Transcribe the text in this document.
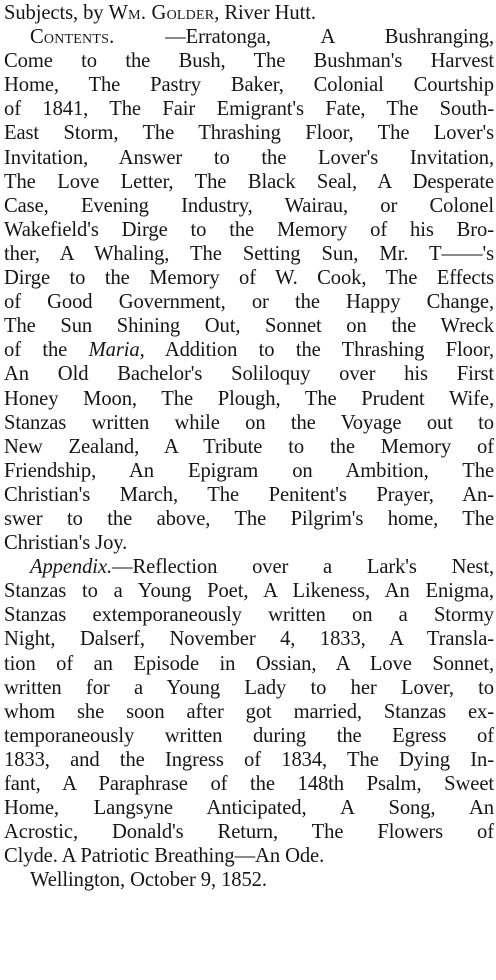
Subjects, by Wm. Golder, River Hutt.
Contents. —Erratonga, A Bushranging,
Come to the Bush, The Bushman's Harvest
Home, The Pastry Baker, Colonial Courtship
of 1841, The Fair Emigrant's Fate, The South-
East Storm, The Thrashing Floor, The Lover's
Invitation, Answer to the Lover's Invitation,
The Love Letter, The Black Seal, A Desperate
Case, Evening Industry, Wairau, or Colonel
Wakefield's Dirge to the Memory of his Bro-
ther, A Whaling, The Setting Sun, Mr. T——'s
Dirge to the Memory of W. Cook, The Effects
of Good Government, or the Happy Change,
The Sun Shining Out, Sonnet on the Wreck
of the Maria, Addition to the Thrashing Floor,
An Old Bachelor's Soliloquy over his First
Honey Moon, The Plough, The Prudent Wife,
Stanzas written while on the Voyage out to
New Zealand, A Tribute to the Memory of
Friendship, An Epigram on Ambition, The
Christian's March, The Penitent's Prayer, An-
swer to the above, The Pilgrim's home, The
Christian's Joy.
Appendix.—Reflection over a Lark's Nest,
Stanzas to a Young Poet, A Likeness, An Enigma,
Stanzas extemporaneously written on a Stormy
Night, Dalserf, November 4, 1833, A Transla-
tion of an Episode in Ossian, A Love Sonnet,
written for a Young Lady to her Lover, to
whom she soon after got married, Stanzas ex-
temporaneously written during the Egress of
1833, and the Ingress of 1834, The Dying In-
fant, A Paraphrase of the 148th Psalm, Sweet
Home, Langsyne Anticipated, A Song, An
Acrostic, Donald's Return, The Flowers of
Clyde. A Patriotic Breathing—An Ode.
Wellington, October 9, 1852.
